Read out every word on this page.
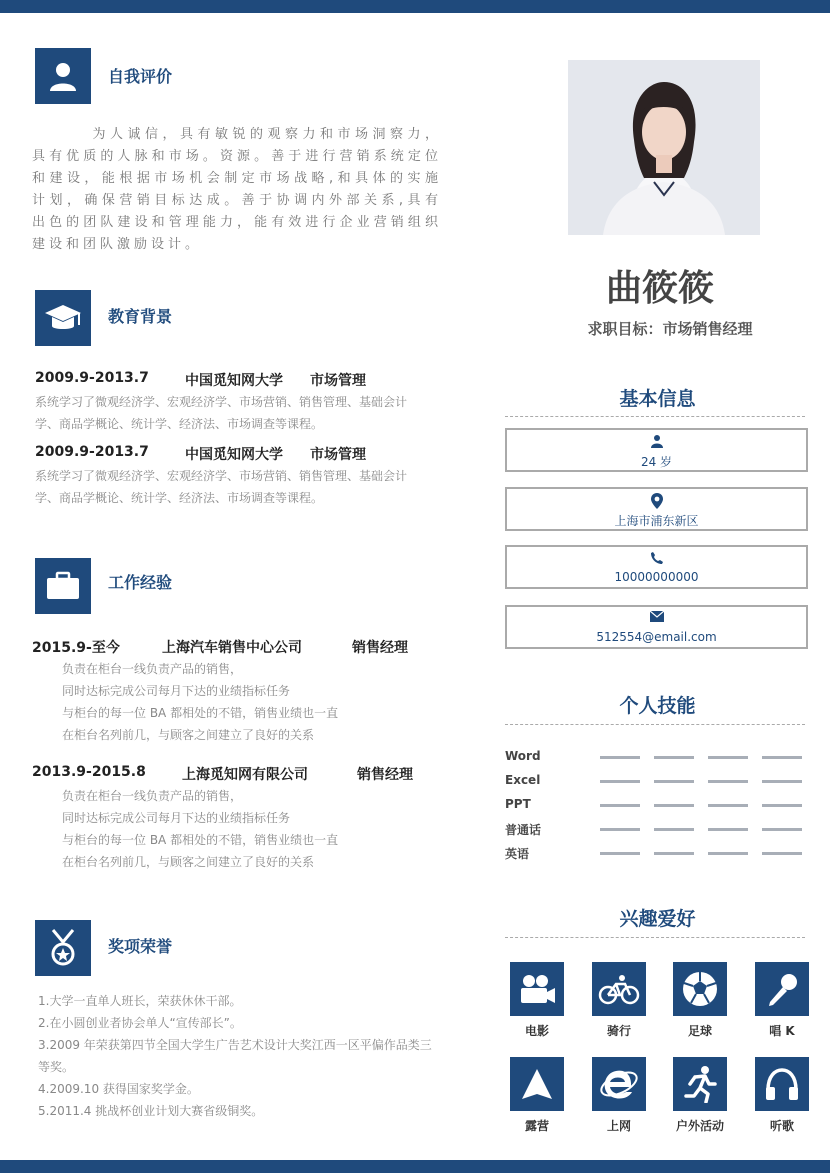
自我评价
为人诚信，具有敏锐的观察力和市场洞察力，具有优质的人脉和市场。资源。善于进行营销系统定位和建设，能根据市场机会制定市场战略,和具体的实施计划，确保营销目标达成。善于协调内外部关系,具有出色的团队建设和管理能力，能有效进行企业营销组织建设和团队激励设计。
教育背景
2009.9-2013.7	中国觅知网大学 市场管理
系统学习了微观经济学、宏观经济学、市场营销、销售管理、基础会计学、商品学概论、统计学、经济法、市场调查等课程。
2009.9-2013.7	中国觅知网大学 市场管理
系统学习了微观经济学、宏观经济学、市场营销、销售管理、基础会计学、商品学概论、统计学、经济法、市场调查等课程。
工作经验
2015.9-至今	上海汽车销售中心公司	销售经理
负责在柜台一线负责产品的销售，
同时达标完成公司每月下达的业绩指标任务
与柜台的每一位 BA 都相处的不错，销售业绩也一直
在柜台名列前几，与顾客之间建立了良好的关系
2013.9-2015.8	上海觅知网有限公司	销售经理
负责在柜台一线负责产品的销售，
同时达标完成公司每月下达的业绩指标任务
与柜台的每一位 BA 都相处的不错，销售业绩也一直
在柜台名列前几，与顾客之间建立了良好的关系
奖项荣誉
1.大学一直单人班长，荣获休休干部。
2.在小圆创业者协会单人“宣传部长”。
3.2009 年荣获第四节全国大学生广告艺术设计大奖江西一区平偏作品类三等奖。
4.2009.10 获得国家奖学金。
5.2011.4 挑战杯创业计划大赛省级铜奖。
曲筱筱
求职目标：市场销售经理
基本信息
24 岁
上海市浦东新区
10000000000
512554@email.com
个人技能
Word
Excel
PPT
普通话
英语
兴趣爱好
电影	骑行	足球	唱 K
露营	上网	户外活动	听歌
